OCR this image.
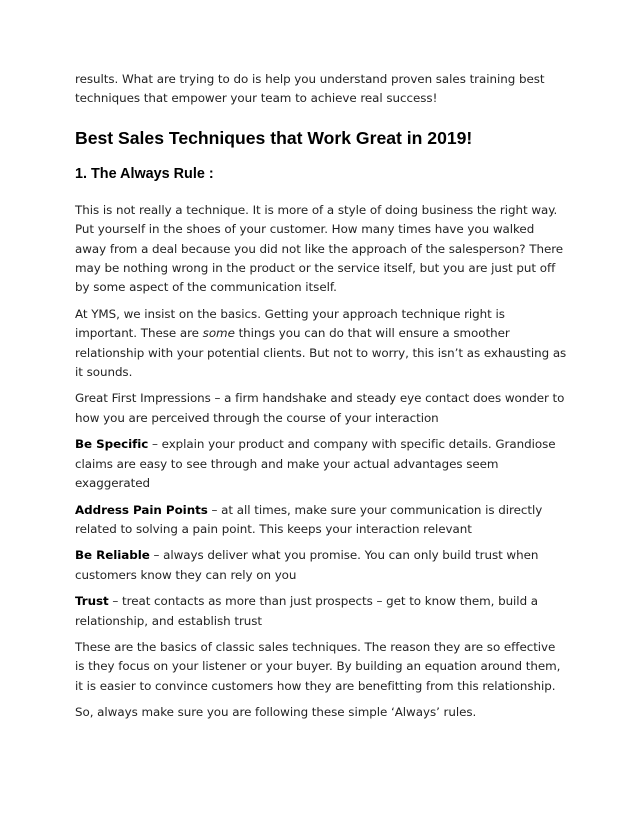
results. What are trying to do is help you understand proven sales training best techniques that empower your team to achieve real success!

Best Sales Techniques that Work Great in 2019!
1. The Always Rule :

This is not really a technique. It is more of a style of doing business the right way. Put yourself in the shoes of your customer. How many times have you walked away from a deal because you did not like the approach of the salesperson? There may be nothing wrong in the product or the service itself, but you are just put off by some aspect of the communication itself.

At YMS, we insist on the basics. Getting your approach technique right is important. These are some things you can do that will ensure a smoother relationship with your potential clients. But not to worry, this isn’t as exhausting as it sounds.

Great First Impressions – a firm handshake and steady eye contact does wonder to how you are perceived through the course of your interaction

Be Specific – explain your product and company with specific details. Grandiose claims are easy to see through and make your actual advantages seem exaggerated

Address Pain Points – at all times, make sure your communication is directly related to solving a pain point. This keeps your interaction relevant

Be Reliable – always deliver what you promise. You can only build trust when customers know they can rely on you

Trust – treat contacts as more than just prospects – get to know them, build a relationship, and establish trust

These are the basics of classic sales techniques. The reason they are so effective is they focus on your listener or your buyer. By building an equation around them, it is easier to convince customers how they are benefitting from this relationship.

So, always make sure you are following these simple ‘Always’ rules.
